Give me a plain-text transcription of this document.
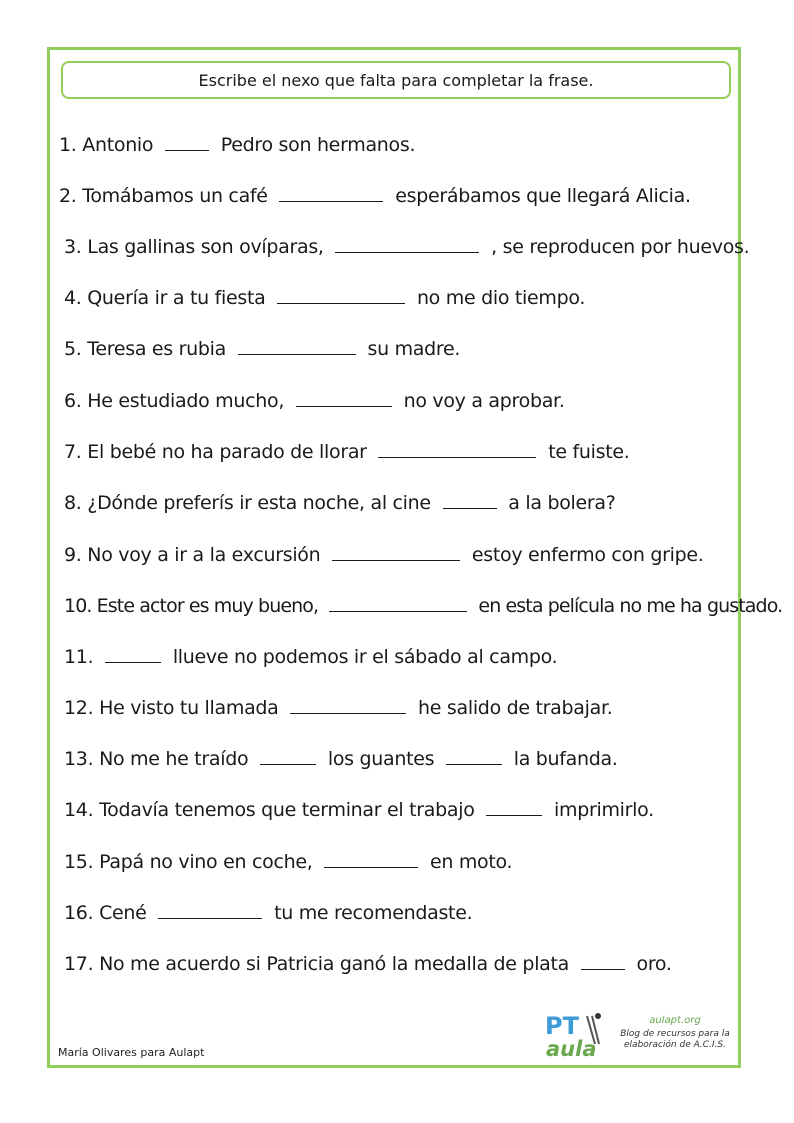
Escribe el nexo que falta para completar la frase.
1. Antonio	Pedro son hermanos.
2. Tomábamos un café	esperábamos que llegará Alicia.
3. Las gallinas son ovíparas,	, se reproducen por huevos.
4. Quería ir a tu fiesta	no me dio tiempo.
5. Teresa es rubia	su madre.
6. He estudiado mucho,	no voy a aprobar.
7. El bebé no ha parado de llorar	te fuiste.
8. ¿Dónde preferís ir esta noche, al cine	a la bolera?
9. No voy a ir a la excursión	estoy enfermo con gripe.
10. Este actor es muy bueno,	en esta película no me ha gustado.
11.	llueve no podemos ir el sábado al campo.
12. He visto tu llamada	he salido de trabajar.
13. No me he traído	los guantes	la bufanda.
14. Todavía tenemos que terminar el trabajo	imprimirlo.
15. Papá no vino en coche,	en moto.
16. Cené	tu me recomendaste.
17. No me acuerdo si Patricia ganó la medalla de plata	oro.
María Olivares para Aulapt
PT
aula
aulapt.org
Blog de recursos para la elaboración de A.C.I.S.
